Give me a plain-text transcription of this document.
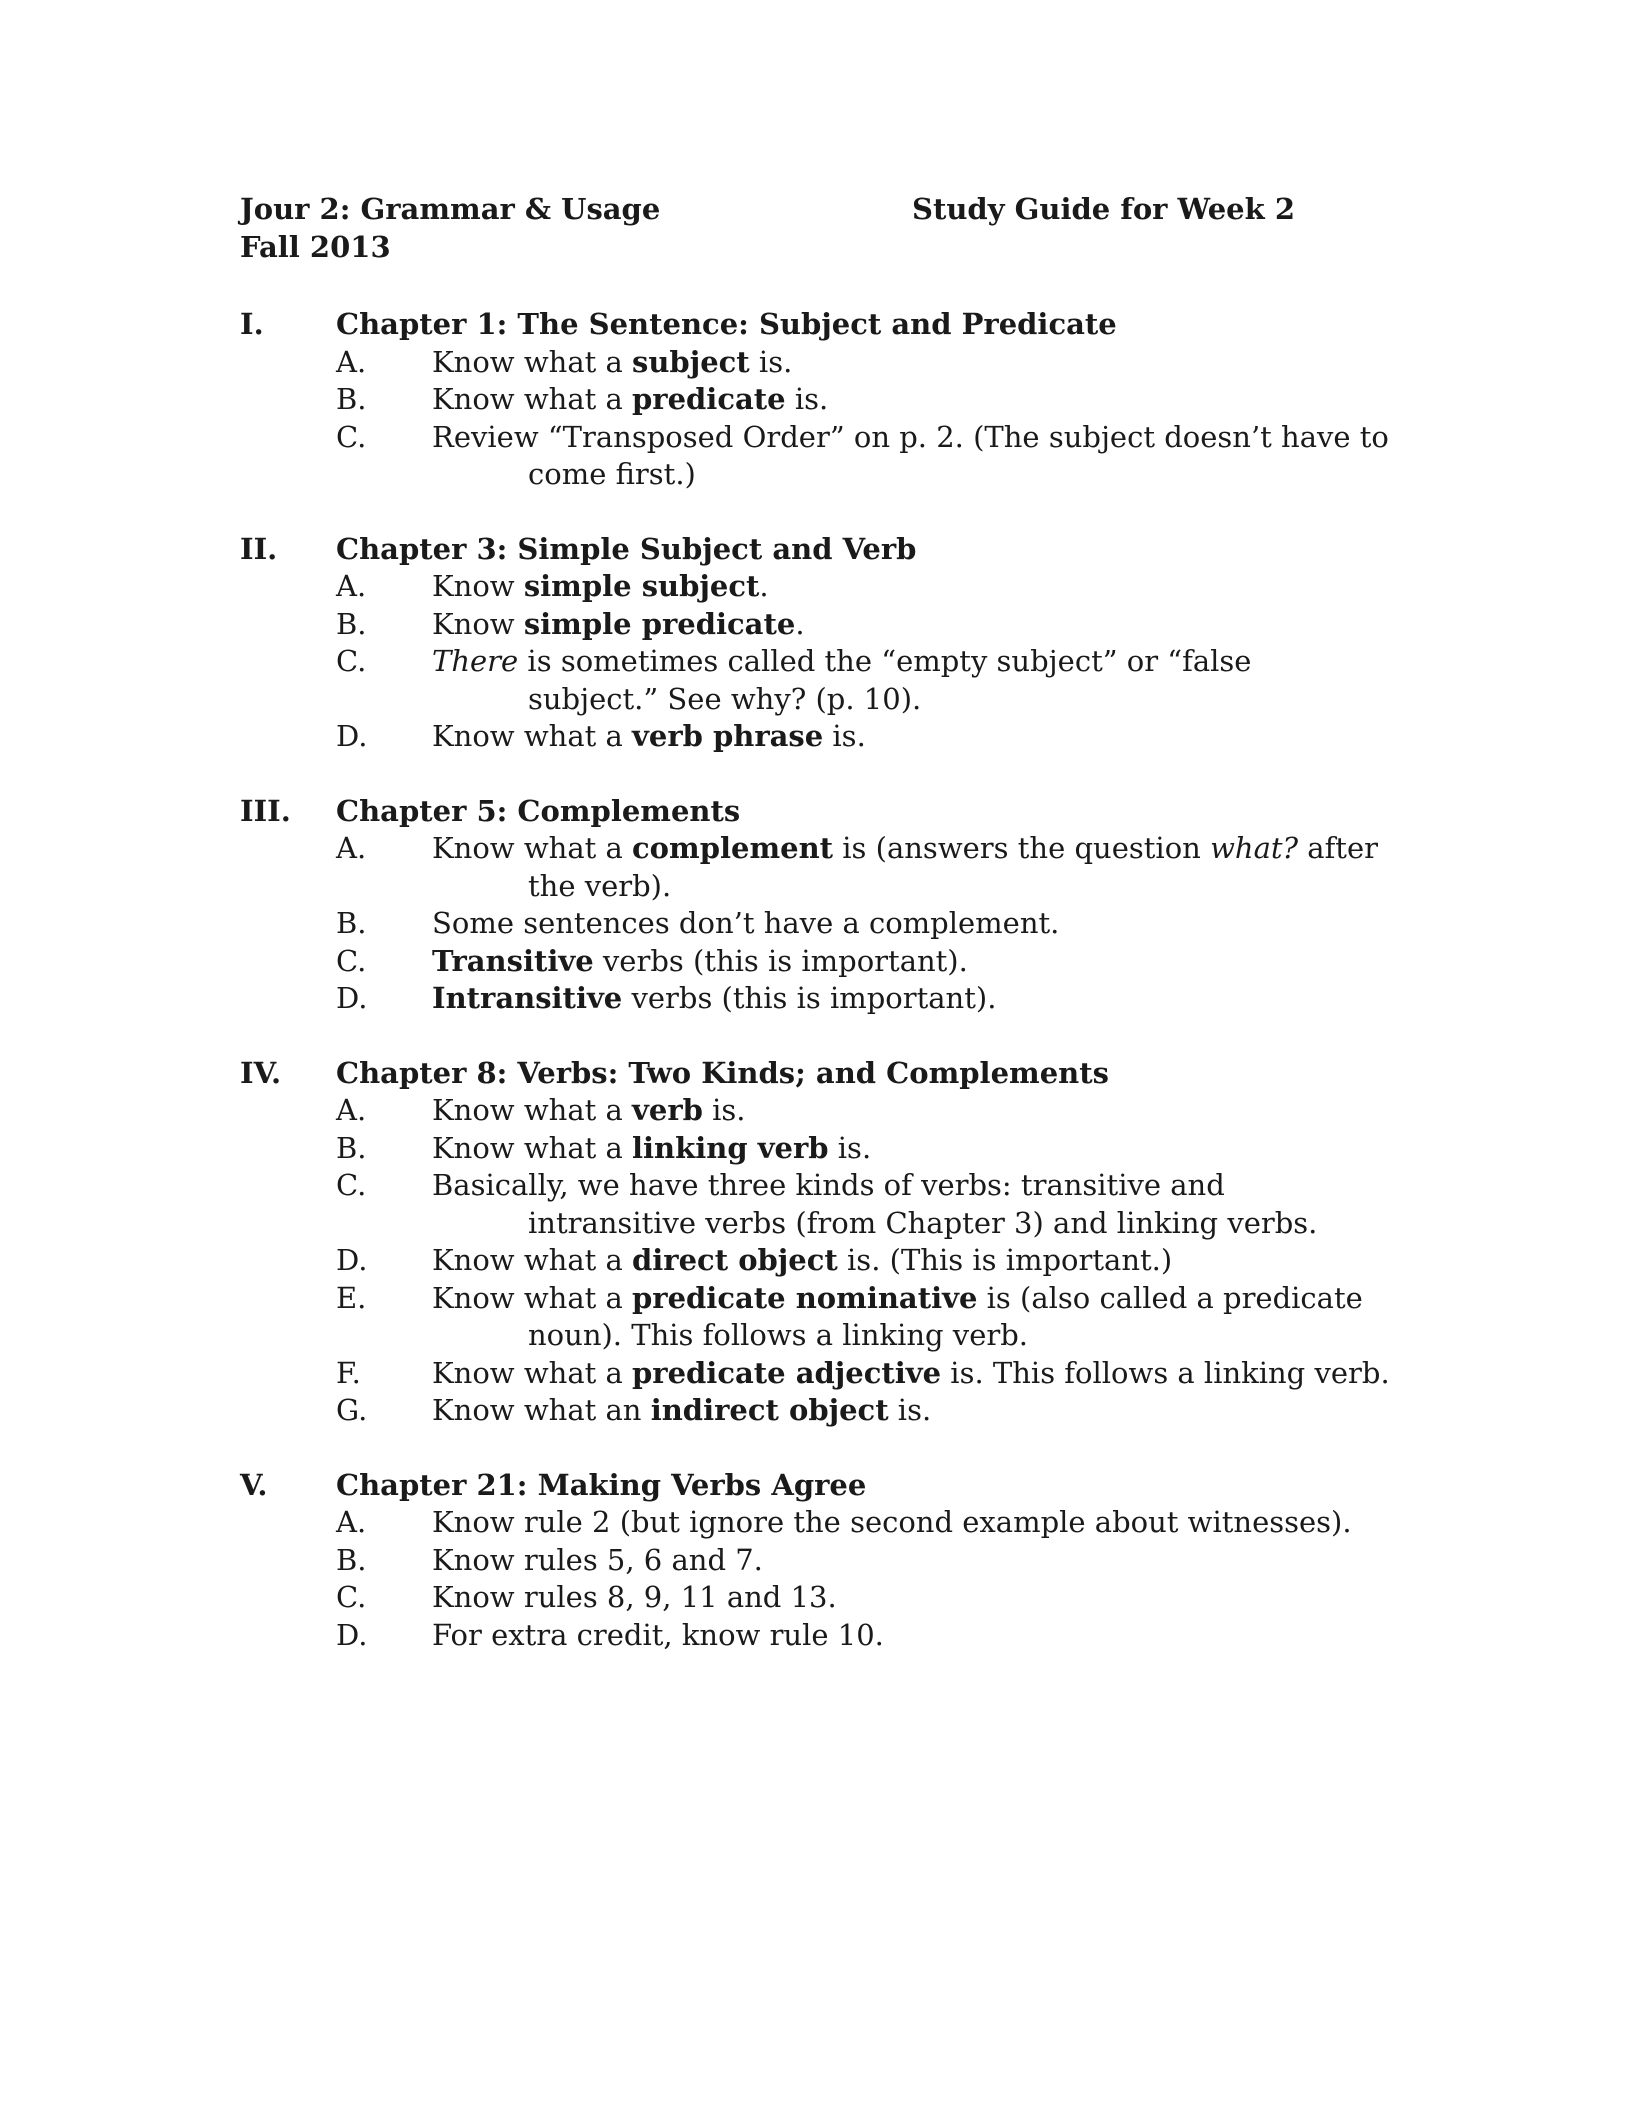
Jour 2: Grammar & Usage	Study Guide for Week 2
Fall 2013
I. Chapter 1: The Sentence: Subject and Predicate
A. Know what a subject is.
B. Know what a predicate is.
C. Review “Transposed Order” on p. 2. (The subject doesn’t have to come first.)
II. Chapter 3: Simple Subject and Verb
A. Know simple subject.
B. Know simple predicate.
C. There is sometimes called the “empty subject” or “false subject.” See why? (p. 10).
D. Know what a verb phrase is.
III. Chapter 5: Complements
A. Know what a complement is (answers the question what? after the verb).
B. Some sentences don’t have a complement.
C. Transitive verbs (this is important).
D. Intransitive verbs (this is important).
IV. Chapter 8: Verbs: Two Kinds; and Complements
A. Know what a verb is.
B. Know what a linking verb is.
C. Basically, we have three kinds of verbs: transitive and intransitive verbs (from Chapter 3) and linking verbs.
D. Know what a direct object is. (This is important.)
E. Know what a predicate nominative is (also called a predicate noun). This follows a linking verb.
F. Know what a predicate adjective is. This follows a linking verb.
G. Know what an indirect object is.
V. Chapter 21: Making Verbs Agree
A. Know rule 2 (but ignore the second example about witnesses).
B. Know rules 5, 6 and 7.
C. Know rules 8, 9, 11 and 13.
D. For extra credit, know rule 10.
